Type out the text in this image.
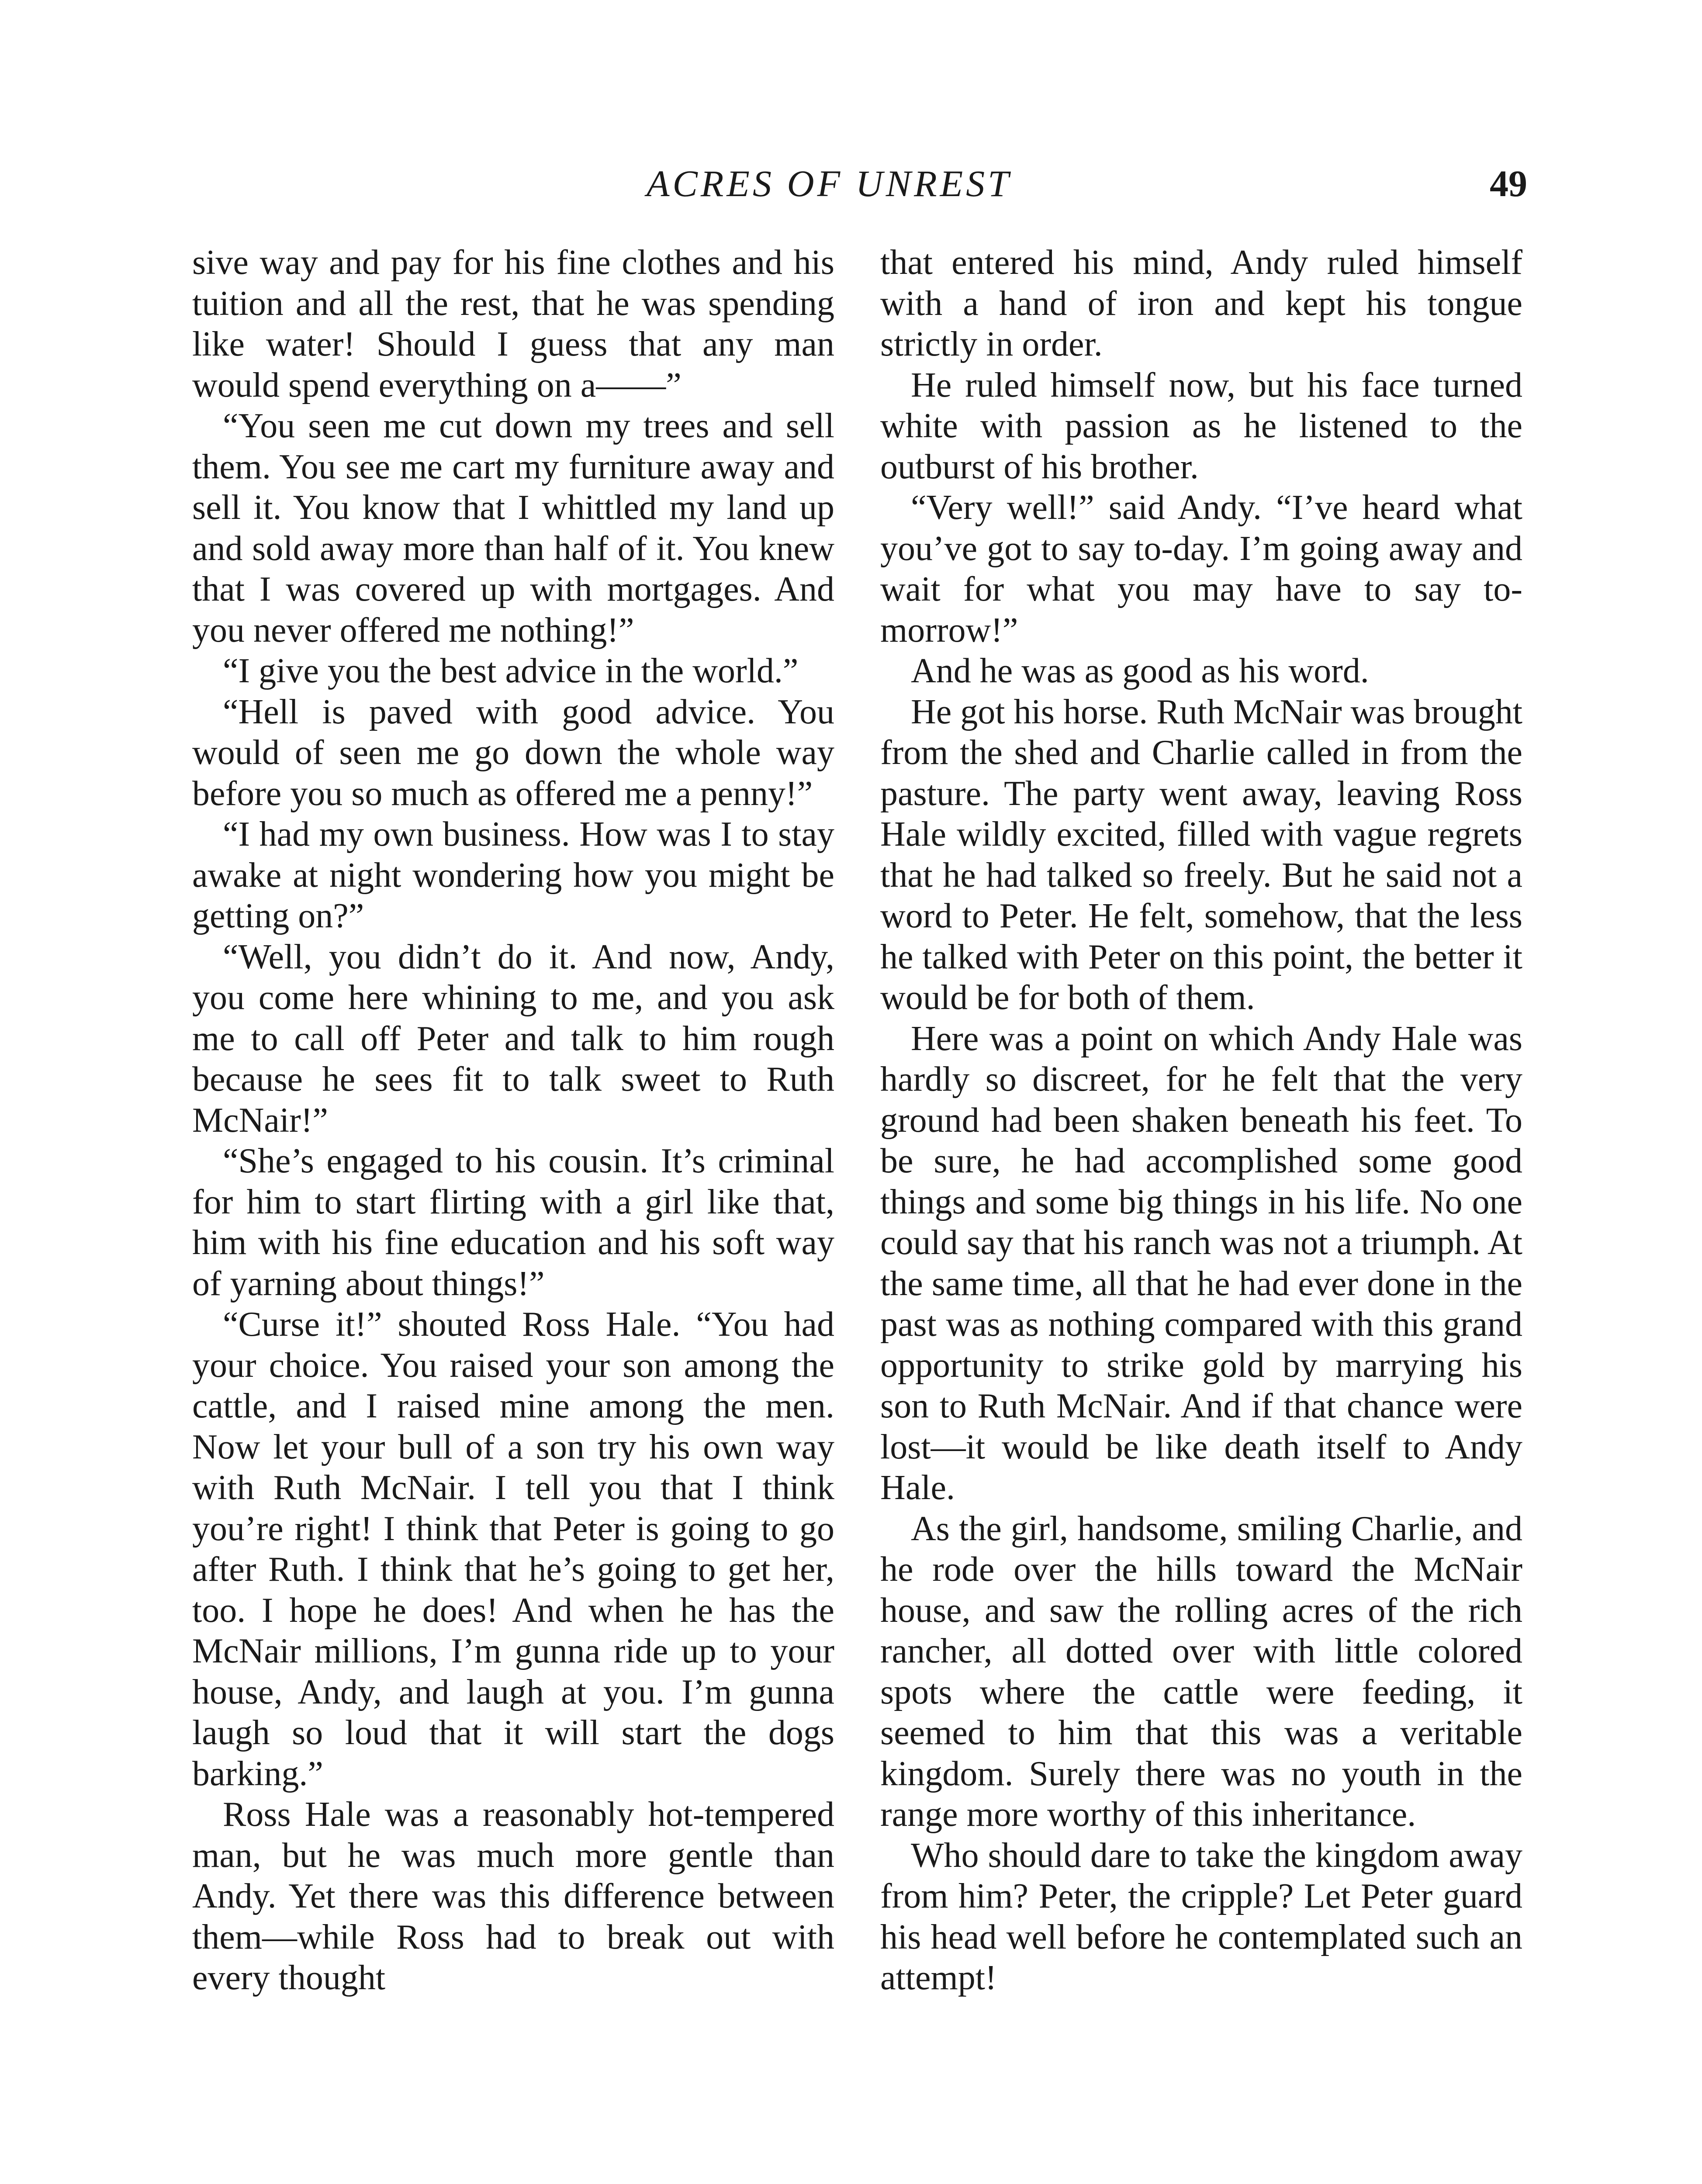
ACRES OF UNREST	49

sive way and pay for his fine clothes and his tuition and all the rest, that he was spending like water! Should I guess that any man would spend everything on a——”

“You seen me cut down my trees and sell them. You see me cart my furniture away and sell it. You know that I whittled my land up and sold away more than half of it. You knew that I was covered up with mortgages. And you never offered me nothing!”

“I give you the best advice in the world.”

“Hell is paved with good advice. You would of seen me go down the whole way before you so much as offered me a penny!”

“I had my own business. How was I to stay awake at night wondering how you might be getting on?”

“Well, you didn’t do it. And now, Andy, you come here whining to me, and you ask me to call off Peter and talk to him rough because he sees fit to talk sweet to Ruth McNair!”

“She’s engaged to his cousin. It’s criminal for him to start flirting with a girl like that, him with his fine education and his soft way of yarning about things!”

“Curse it!” shouted Ross Hale. “You had your choice. You raised your son among the cattle, and I raised mine among the men. Now let your bull of a son try his own way with Ruth McNair. I tell you that I think you’re right! I think that Peter is going to go after Ruth. I think that he’s going to get her, too. I hope he does! And when he has the McNair millions, I’m gunna ride up to your house, Andy, and laugh at you. I’m gunna laugh so loud that it will start the dogs barking.”

Ross Hale was a reasonably hot-tempered man, but he was much more gentle than Andy. Yet there was this difference between them—while Ross had to break out with every thought

that entered his mind, Andy ruled himself with a hand of iron and kept his tongue strictly in order.

He ruled himself now, but his face turned white with passion as he listened to the outburst of his brother.

“Very well!” said Andy. “I’ve heard what you’ve got to say to-day. I’m going away and wait for what you may have to say to-morrow!”

And he was as good as his word.

He got his horse. Ruth McNair was brought from the shed and Charlie called in from the pasture. The party went away, leaving Ross Hale wildly excited, filled with vague regrets that he had talked so freely. But he said not a word to Peter. He felt, somehow, that the less he talked with Peter on this point, the better it would be for both of them.

Here was a point on which Andy Hale was hardly so discreet, for he felt that the very ground had been shaken beneath his feet. To be sure, he had accomplished some good things and some big things in his life. No one could say that his ranch was not a triumph. At the same time, all that he had ever done in the past was as nothing compared with this grand opportunity to strike gold by marrying his son to Ruth McNair. And if that chance were lost—it would be like death itself to Andy Hale.

As the girl, handsome, smiling Charlie, and he rode over the hills toward the McNair house, and saw the rolling acres of the rich rancher, all dotted over with little colored spots where the cattle were feeding, it seemed to him that this was a veritable kingdom. Surely there was no youth in the range more worthy of this inheritance.

Who should dare to take the kingdom away from him? Peter, the cripple? Let Peter guard his head well before he contemplated such an attempt!
